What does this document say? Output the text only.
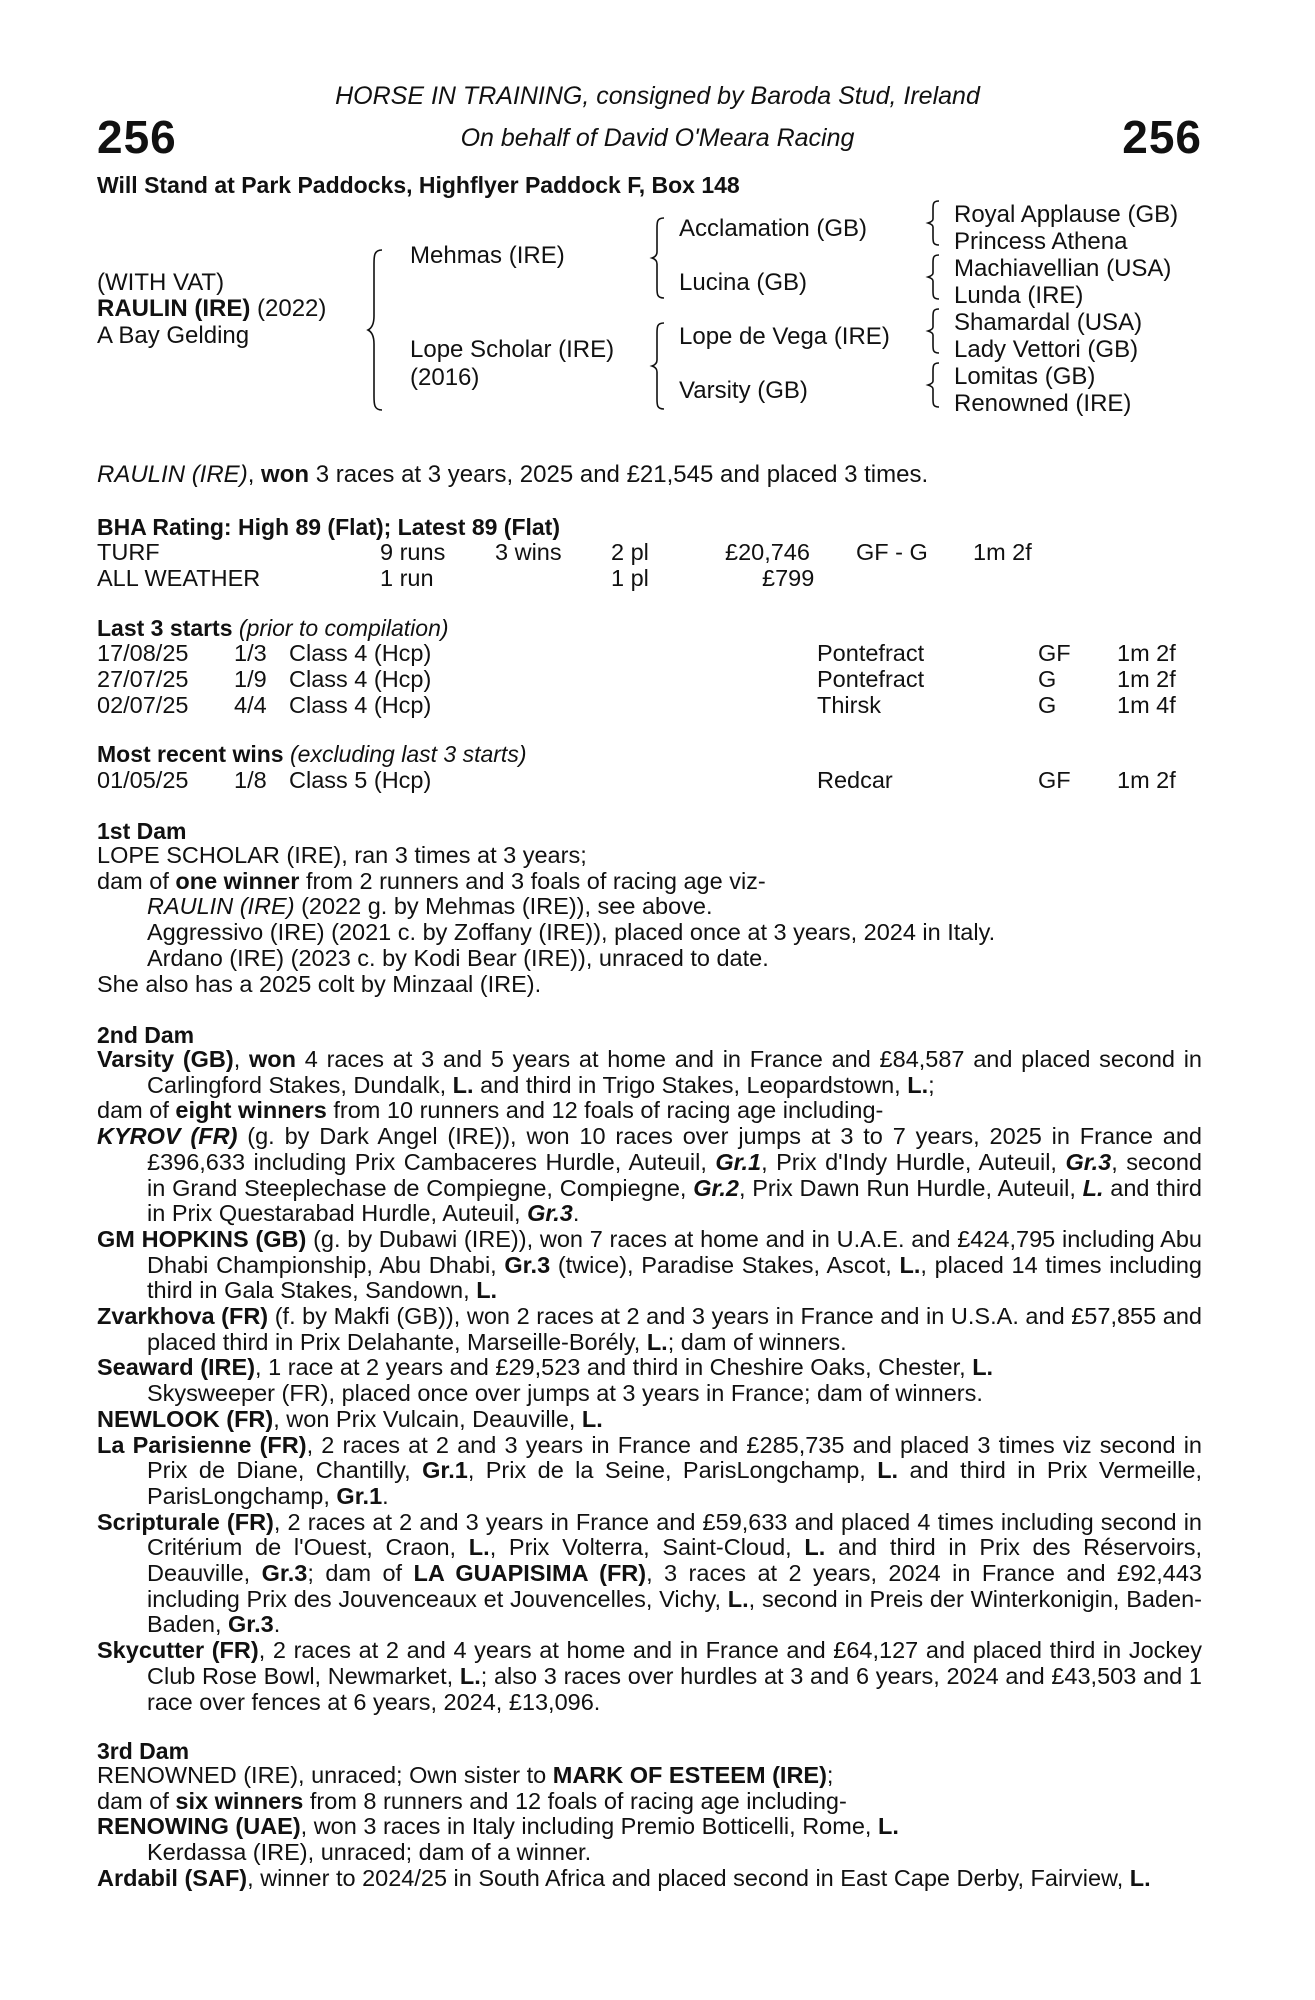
256	256
HORSE IN TRAINING, consigned by Baroda Stud, Ireland
On behalf of David O'Meara Racing
Will Stand at Park Paddocks, Highflyer Paddock F, Box 148
(WITH VAT)
RAULIN (IRE) (2022)
A Bay Gelding
Mehmas (IRE)
Lope Scholar (IRE)
(2016)
Acclamation (GB)
Lucina (GB)
Lope de Vega (IRE)
Varsity (GB)
Royal Applause (GB)
Princess Athena
Machiavellian (USA)
Lunda (IRE)
Shamardal (USA)
Lady Vettori (GB)
Lomitas (GB)
Renowned (IRE)
RAULIN (IRE), won 3 races at 3 years, 2025 and £21,545 and placed 3 times.
BHA Rating: High 89 (Flat); Latest 89 (Flat)
TURF	9 runs 3 wins 2 pl	£20,746 GF - G 1m 2f
ALL WEATHER	1 run	1 pl	£799
Last 3 starts (prior to compilation)
17/08/25 1/3 Class 4 (Hcp)	Pontefract	GF 1m 2f
27/07/25 1/9 Class 4 (Hcp)	Pontefract	G	1m 2f
02/07/25 4/4 Class 4 (Hcp)	Thirsk	G	1m 4f
Most recent wins (excluding last 3 starts)
01/05/25 1/8 Class 5 (Hcp)	Redcar	GF 1m 2f
1st Dam

LOPE SCHOLAR (IRE), ran 3 times at 3 years;

dam of one winner from 2 runners and 3 foals of racing age viz-

RAULIN (IRE) (2022 g. by Mehmas (IRE)), see above.

Aggressivo (IRE) (2021 c. by Zoffany (IRE)), placed once at 3 years, 2024 in Italy.

Ardano (IRE) (2023 c. by Kodi Bear (IRE)), unraced to date.

She also has a 2025 colt by Minzaal (IRE).

2nd Dam

Varsity (GB), won 4 races at 3 and 5 years at home and in France and £84,587 and placed second in Carlingford Stakes, Dundalk, L. and third in Trigo Stakes, Leopardstown, L.;

dam of eight winners from 10 runners and 12 foals of racing age including-

KYROV (FR) (g. by Dark Angel (IRE)), won 10 races over jumps at 3 to 7 years, 2025 in France and £396,633 including Prix Cambaceres Hurdle, Auteuil, Gr.1, Prix d'Indy Hurdle, Auteuil, Gr.3, second in Grand Steeplechase de Compiegne, Compiegne, Gr.2, Prix Dawn Run Hurdle, Auteuil, L. and third in Prix Questarabad Hurdle, Auteuil, Gr.3.

GM HOPKINS (GB) (g. by Dubawi (IRE)), won 7 races at home and in U.A.E. and £424,795 including Abu Dhabi Championship, Abu Dhabi, Gr.3 (twice), Paradise Stakes, Ascot, L., placed 14 times including third in Gala Stakes, Sandown, L.

Zvarkhova (FR) (f. by Makfi (GB)), won 2 races at 2 and 3 years in France and in U.S.A. and £57,855 and placed third in Prix Delahante, Marseille-Borély, L.; dam of winners.

Seaward (IRE), 1 race at 2 years and £29,523 and third in Cheshire Oaks, Chester, L.

Skysweeper (FR), placed once over jumps at 3 years in France; dam of winners.

NEWLOOK (FR), won Prix Vulcain, Deauville, L.

La Parisienne (FR), 2 races at 2 and 3 years in France and £285,735 and placed 3 times viz second in Prix de Diane, Chantilly, Gr.1, Prix de la Seine, ParisLongchamp, L. and third in Prix Vermeille, ParisLongchamp, Gr.1.

Scripturale (FR), 2 races at 2 and 3 years in France and £59,633 and placed 4 times including second in Critérium de l'Ouest, Craon, L., Prix Volterra, Saint-Cloud, L. and third in Prix des Réservoirs, Deauville, Gr.3; dam of LA GUAPISIMA (FR), 3 races at 2 years, 2024 in France and £92,443 including Prix des Jouvenceaux et Jouvencelles, Vichy, L., second in Preis der Winterkonigin, Baden-Baden, Gr.3.

Skycutter (FR), 2 races at 2 and 4 years at home and in France and £64,127 and placed third in Jockey Club Rose Bowl, Newmarket, L.; also 3 races over hurdles at 3 and 6 years, 2024 and £43,503 and 1 race over fences at 6 years, 2024, £13,096.

3rd Dam

RENOWNED (IRE), unraced; Own sister to MARK OF ESTEEM (IRE);

dam of six winners from 8 runners and 12 foals of racing age including-

RENOWING (UAE), won 3 races in Italy including Premio Botticelli, Rome, L.

Kerdassa (IRE), unraced; dam of a winner.

Ardabil (SAF), winner to 2024/25 in South Africa and placed second in East Cape Derby, Fairview, L.
